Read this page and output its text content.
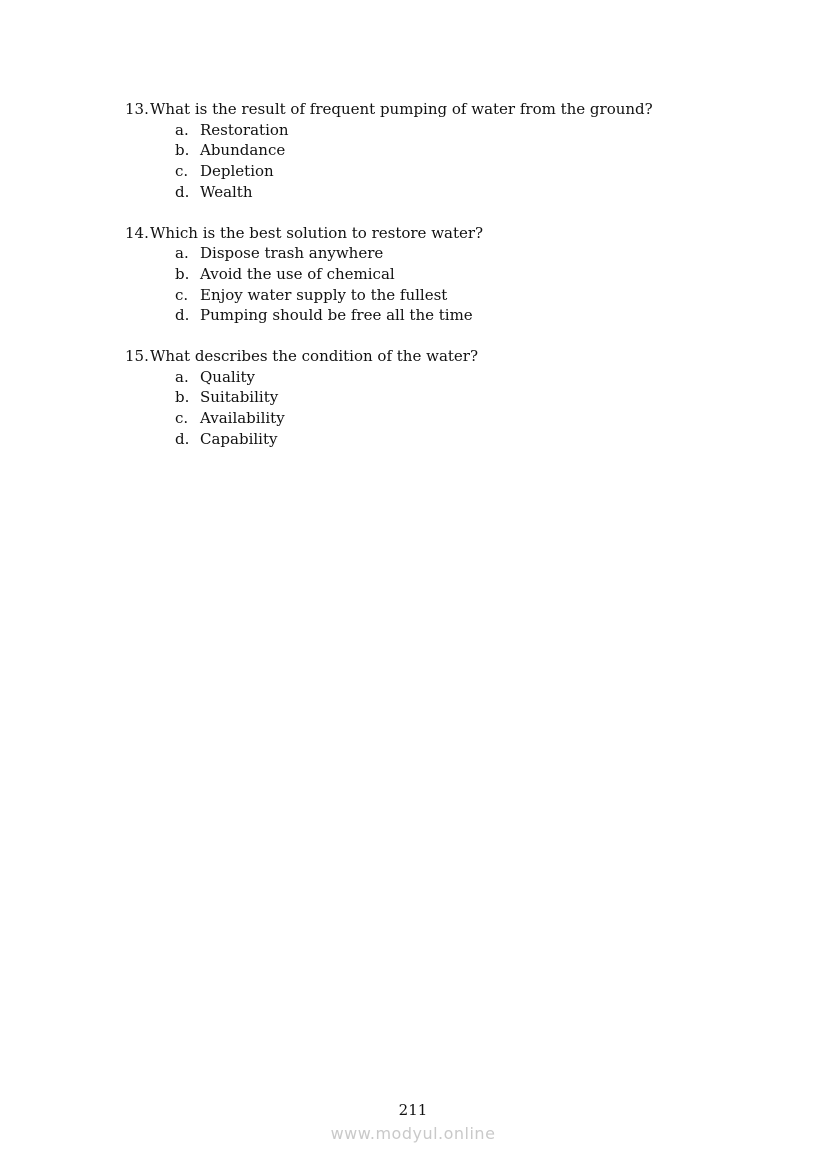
13. What is the result of frequent pumping of water from the ground?
a. Restoration
b. Abundance
c. Depletion
d. Wealth
14. Which is the best solution to restore water?
a. Dispose trash anywhere
b. Avoid the use of chemical
c. Enjoy water supply to the fullest
d. Pumping should be free all the time
15. What describes the condition of the water?
a. Quality
b. Suitability
c. Availability
d. Capability
211
www.modyul.online
